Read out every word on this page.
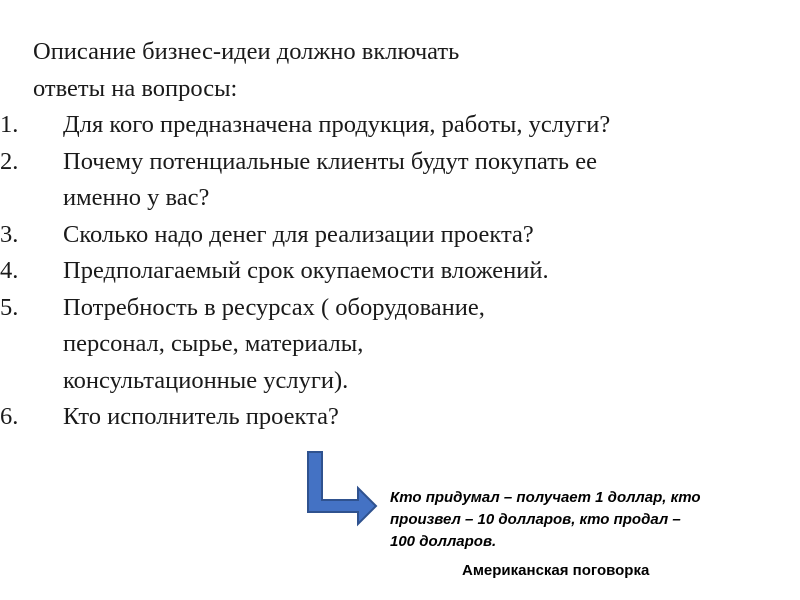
Описание бизнес-идеи должно включать
ответы на вопросы:
1.	Для кого предназначена продукция, работы, услуги?
2.	Почему потенциальные клиенты будут покупать ее
именно у вас?
3.	Сколько надо денег для реализации проекта?
4.	Предполагаемый срок окупаемости вложений.
5.	Потребность в ресурсах ( оборудование,
персонал, сырье, материалы,
консультационные услуги).
6.	Кто исполнитель проекта?
Кто придумал – получает 1 доллар, кто
произвел – 10 долларов, кто продал –
100 долларов.
Американская поговорка
